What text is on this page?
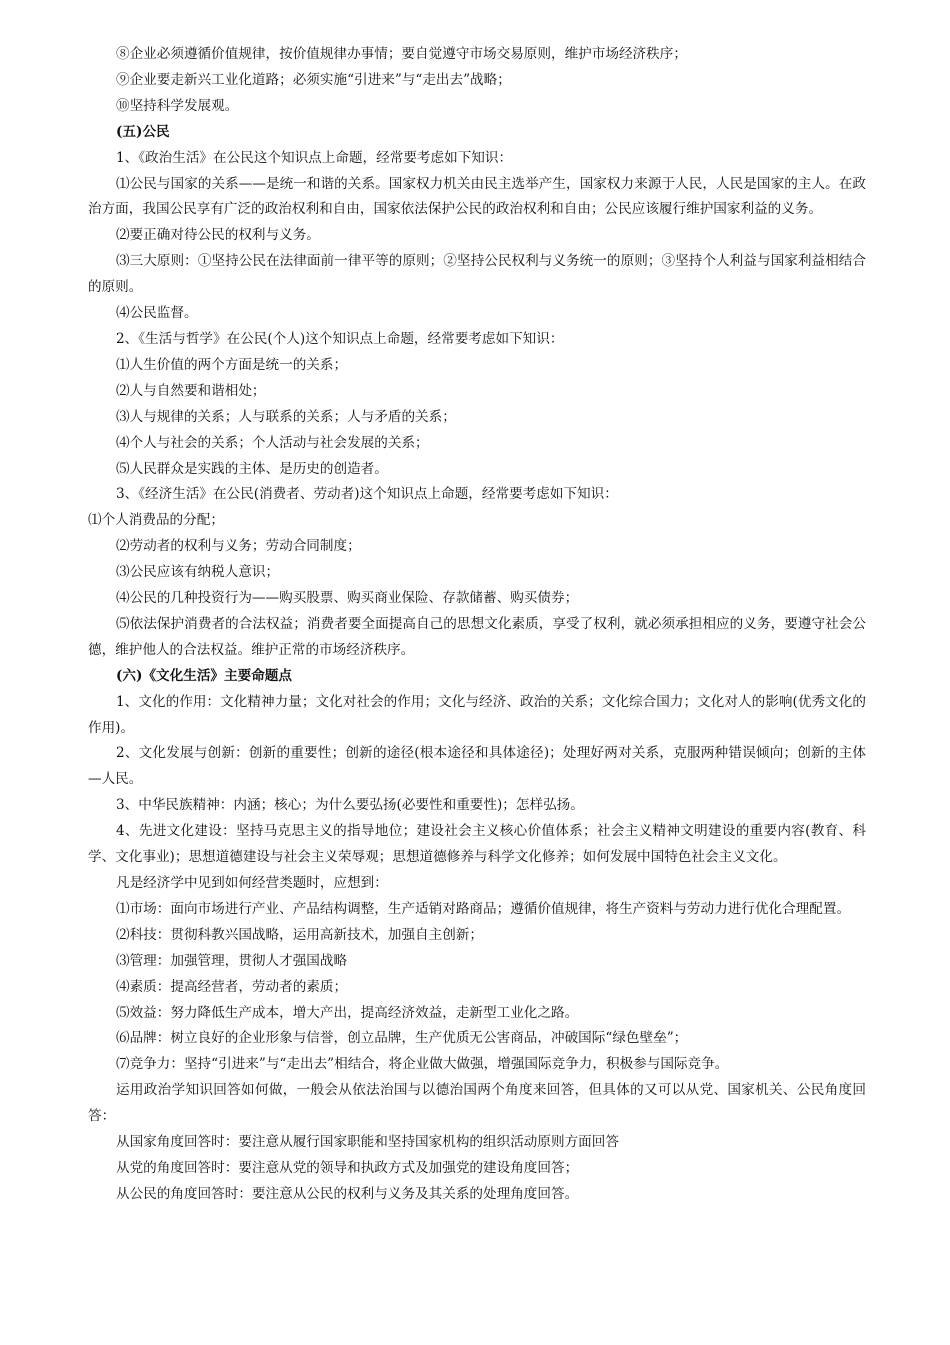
⑧企业必须遵循价值规律，按价值规律办事情；要自觉遵守市场交易原则，维护市场经济秩序；

⑨企业要走新兴工业化道路；必须实施“引进来”与“走出去”战略；

⑩坚持科学发展观。

(五)公民

1、《政治生活》在公民这个知识点上命题，经常要考虑如下知识：

⑴公民与国家的关系——是统一和谐的关系。国家权力机关由民主选举产生，国家权力来源于人民，人民是国家的主人。在政治方面，我国公民享有广泛的政治权利和自由，国家依法保护公民的政治权利和自由；公民应该履行维护国家利益的义务。

⑵要正确对待公民的权利与义务。

⑶三大原则：①坚持公民在法律面前一律平等的原则；②坚持公民权利与义务统一的原则；③坚持个人利益与国家利益相结合的原则。

⑷公民监督。

2、《生活与哲学》在公民(个人)这个知识点上命题，经常要考虑如下知识：

⑴人生价值的两个方面是统一的关系；

⑵人与自然要和谐相处；

⑶人与规律的关系；人与联系的关系；人与矛盾的关系；

⑷个人与社会的关系；个人活动与社会发展的关系；

⑸人民群众是实践的主体、是历史的创造者。

3、《经济生活》在公民(消费者、劳动者)这个知识点上命题，经常要考虑如下知识：

⑴个人消费品的分配；

⑵劳动者的权利与义务；劳动合同制度；

⑶公民应该有纳税人意识；

⑷公民的几种投资行为——购买股票、购买商业保险、存款储蓄、购买债券；

⑸依法保护消费者的合法权益；消费者要全面提高自己的思想文化素质，享受了权利，就必须承担相应的义务，要遵守社会公德，维护他人的合法权益。维护正常的市场经济秩序。

(六)《文化生活》主要命题点

1、文化的作用：文化精神力量；文化对社会的作用；文化与经济、政治的关系；文化综合国力；文化对人的影响(优秀文化的作用)。

2、文化发展与创新：创新的重要性；创新的途径(根本途径和具体途径)；处理好两对关系，克服两种错误倾向；创新的主体—人民。

3、中华民族精神：内涵；核心；为什么要弘扬(必要性和重要性)；怎样弘扬。

4、先进文化建设：坚持马克思主义的指导地位；建设社会主义核心价值体系；社会主义精神文明建设的重要内容(教育、科学、文化事业)；思想道德建设与社会主义荣辱观；思想道德修养与科学文化修养；如何发展中国特色社会主义文化。

凡是经济学中见到如何经营类题时，应想到：

⑴市场：面向市场进行产业、产品结构调整，生产适销对路商品；遵循价值规律，将生产资料与劳动力进行优化合理配置。

⑵科技：贯彻科教兴国战略，运用高新技术，加强自主创新；

⑶管理：加强管理，贯彻人才强国战略

⑷素质：提高经营者，劳动者的素质；

⑸效益：努力降低生产成本，增大产出，提高经济效益，走新型工业化之路。

⑹品牌：树立良好的企业形象与信誉，创立品牌，生产优质无公害商品，冲破国际“绿色壁垒”；

⑺竞争力：坚持“引进来”与“走出去”相结合，将企业做大做强，增强国际竞争力，积极参与国际竞争。

运用政治学知识回答如何做，一般会从依法治国与以德治国两个角度来回答，但具体的又可以从党、国家机关、公民角度回答：

从国家角度回答时：要注意从履行国家职能和坚持国家机构的组织活动原则方面回答

从党的角度回答时：要注意从党的领导和执政方式及加强党的建设角度回答；

从公民的角度回答时：要注意从公民的权利与义务及其关系的处理角度回答。
